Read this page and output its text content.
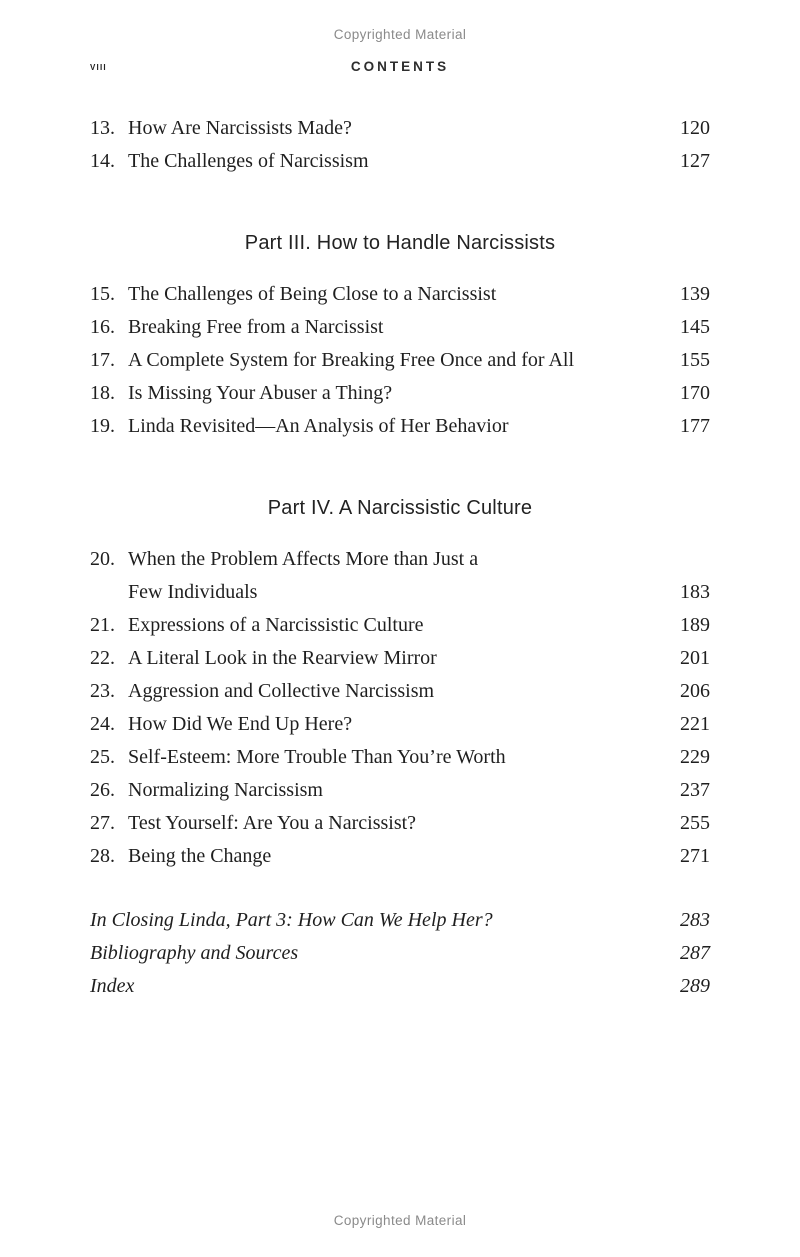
Copyrighted Material
viii	CONTENTS
13. How Are Narcissists Made?	120
14. The Challenges of Narcissism	127
Part III. How to Handle Narcissists
15. The Challenges of Being Close to a Narcissist	139
16. Breaking Free from a Narcissist	145
17. A Complete System for Breaking Free Once and for All	155
18. Is Missing Your Abuser a Thing?	170
19. Linda Revisited—An Analysis of Her Behavior	177
Part IV. A Narcissistic Culture
20. When the Problem Affects More than Just a
Few Individuals	183
21. Expressions of a Narcissistic Culture	189
22. A Literal Look in the Rearview Mirror	201
23. Aggression and Collective Narcissism	206
24. How Did We End Up Here?	221
25. Self-Esteem: More Trouble Than You’re Worth	229
26. Normalizing Narcissism	237
27. Test Yourself: Are You a Narcissist?	255
28. Being the Change	271
In Closing Linda, Part 3: How Can We Help Her?	283
Bibliography and Sources	287
Index	289
Copyrighted Material
